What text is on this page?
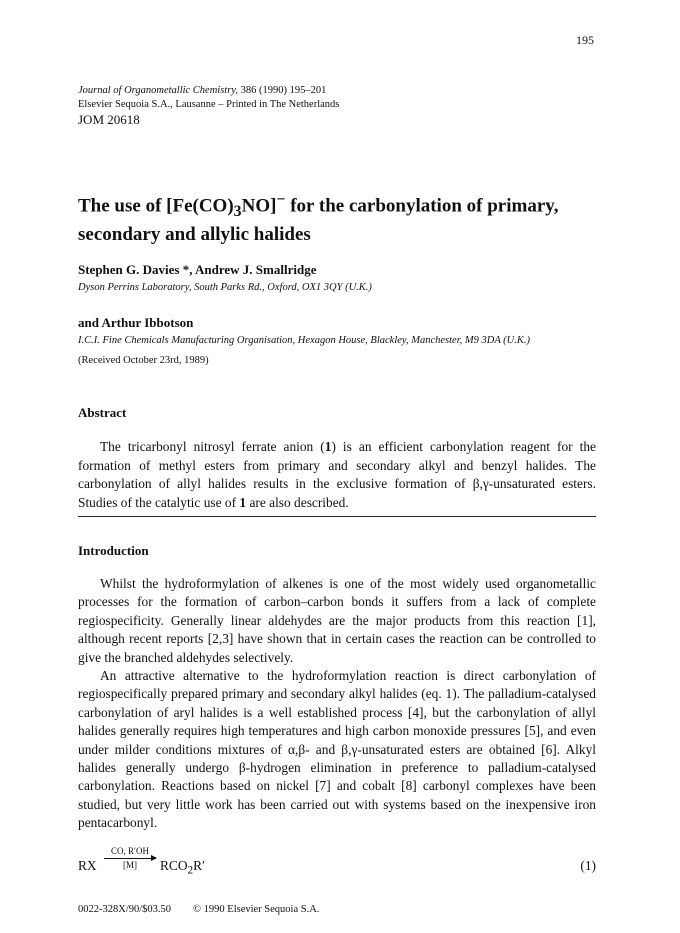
195
Journal of Organometallic Chemistry, 386 (1990) 195–201
Elsevier Sequoia S.A., Lausanne – Printed in The Netherlands
JOM 20618
The use of $[Fe(CO)_3NO]^-$ for the carbonylation of primary, secondary and allylic halides
Stephen G. Davies *, Andrew J. Smallridge
Dyson Perrins Laboratory, South Parks Rd., Oxford, OX1 3QY (U.K.)
and Arthur Ibbotson
I.C.I. Fine Chemicals Manufacturing Organisation, Hexagon House, Blackley, Manchester, M9 3DA (U.K.)
(Received October 23rd, 1989)
Abstract

The tricarbonyl nitrosyl ferrate anion (1) is an efficient carbonylation reagent for the formation of methyl esters from primary and secondary alkyl and benzyl halides. The carbonylation of allyl halides results in the exclusive formation of β,γ-unsaturated esters. Studies of the catalytic use of 1 are also described.

Introduction

Whilst the hydroformylation of alkenes is one of the most widely used organometallic processes for the formation of carbon–carbon bonds it suffers from a lack of complete regiospecificity. Generally linear aldehydes are the major products from this reaction [1], although recent reports [2,3] have shown that in certain cases the reaction can be controlled to give the branched aldehydes selectively.

An attractive alternative to the hydroformylation reaction is direct carbonylation of regiospecifically prepared primary and secondary alkyl halides (eq. 1). The palladium-catalysed carbonylation of aryl halides is a well established process [4], but the carbonylation of allyl halides generally requires high temperatures and high carbon monoxide pressures [5], and even under milder conditions mixtures of α,β- and β,γ-unsaturated esters are obtained [6]. Alkyl halides generally undergo β-hydrogen elimination in preference to palladium-catalysed carbonylation. Reactions based on nickel [7] and cobalt [8] carbonyl complexes have been studied, but very little work has been carried out with systems based on the inexpensive iron pentacarbonyl.

RX
CO, R′OH
[M]	$RCO_2R'$	(1)
0022-328X/90/$03.50 © 1990 Elsevier Sequoia S.A.
